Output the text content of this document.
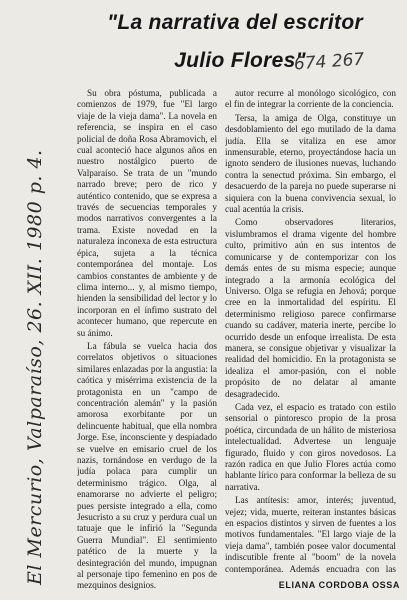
"La narrativa del escritor
Julio Flores"
674 267
El Mercurio, Valparaíso, 26. XII. 1980 p. 4.

Su obra póstuma, publicada a comienzos de 1979, fue "El largo viaje de la vieja dama". La novela en referencia, se inspira en el caso policial de doña Rosa Abramovich, el cual aconteció hace algunos años en nuestro nostálgico puerto de Valparaíso. Se trata de un "mundo narrado breve; pero de rico y auténtico contenido, que se expresa a través de secuencias temporales y modos narrativos convergentes a la trama. Existe novedad en la naturaleza inconexa de esta estructura épica, sujeta a la técnica contemporánea del montaje. Los cambios constantes de ambiente y de clima interno... y, al mismo tiempo, hienden la sensibilidad del lector y lo incorporan en el ínfimo sustrato del acontecer humano, que repercute en su ánimo.

La fábula se vuelca hacia dos correlatos objetivos o situaciones similares enlazadas por la angustia: la caótica y misérrima existencia de la protagonista en un "campo de concentración alemán" y la pasión amorosa exorbitante por un delincuente habitual, que ella nombra Jorge. Ese, inconsciente y despiadado se vuelve en emisario cruel de los nazis, tornándose en verdugo de la judía polaca para cumplir un determinismo trágico. Olga, al enamorarse no advierte el peligro; pues persiste integrado a ella, como Jesucristo a su cruz y perdura cual un tatuaje que le infirió la "Segunda Guerra Mundial". El sentimiento patético de la muerte y la desintegración del mundo, impugnan al personaje tipo femenino en pos de mezquinos designios.

autor recurre al monólogo sicológico, con el fin de integrar la corriente de la conciencia.

Tersa, la amiga de Olga, constituye un desdoblamiento del ego mutilado de la dama judía. Ella se vitaliza en ese amor inmensurable, eterno, proyectándose hacia un ignoto sendero de ilusiones nuevas, luchando contra la senectud próxima. Sin embargo, el desacuerdo de la pareja no puede superarse ni siquiera con la buena convivencia sexual, lo cual acentúa la crisis.

Como observadores literarios, vislumbramos el drama vigente del hombre culto, primitivo aún en sus intentos de comunicarse y de contemporizar con los demás entes de su misma especie; aunque integrado a la armonía ecológica del Universo. Olga se refugia en Jehová; porque cree en la inmortalidad del espíritu. El determinismo religioso parece confirmarse cuando su cadáver, materia inerte, percibe lo ocurrido desde un enfoque irrealista. De esta manera, se consigue objetivar y visualizar la realidad del homicidio. En la protagonista se idealiza el amor-pasión, con el noble propósito de no delatar al amante desagradecido.

Cada vez, el espacio es tratado con estilo sensorial o pintoresco propio de la prosa poética, circundada de un hálito de misteriosa intelectualidad. Advertese un lenguaje figurado, fluido y con giros novedosos. La razón radica en que Julio Flores actúa como hablante lírico para conformar la belleza de su narrativa.

Las antítesis: amor, interés; juventud, vejez; vida, muerte, reiteran instantes básicas en espacios distintos y sirven de fuentes a los motivos fundamentales. "El largo viaje de la vieja dama", también posee valor documental indiscutible frente al "boom" de la novela contemporánea. Además encuadra con las

ELIANA CORDOBA OSSA
